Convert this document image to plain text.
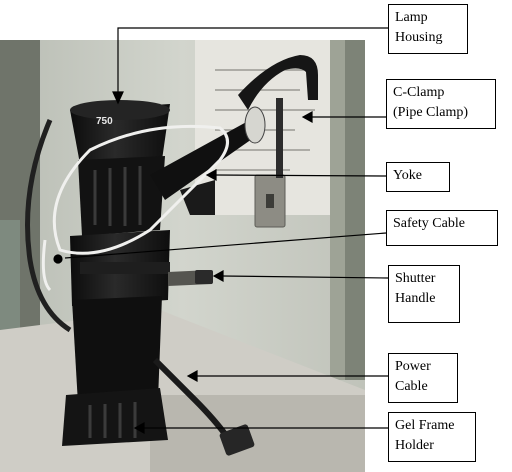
750
Lamp
Housing
C-Clamp
(Pipe Clamp)
Yoke
Safety Cable
Shutter
Handle
Power
Cable
Gel Frame
Holder
